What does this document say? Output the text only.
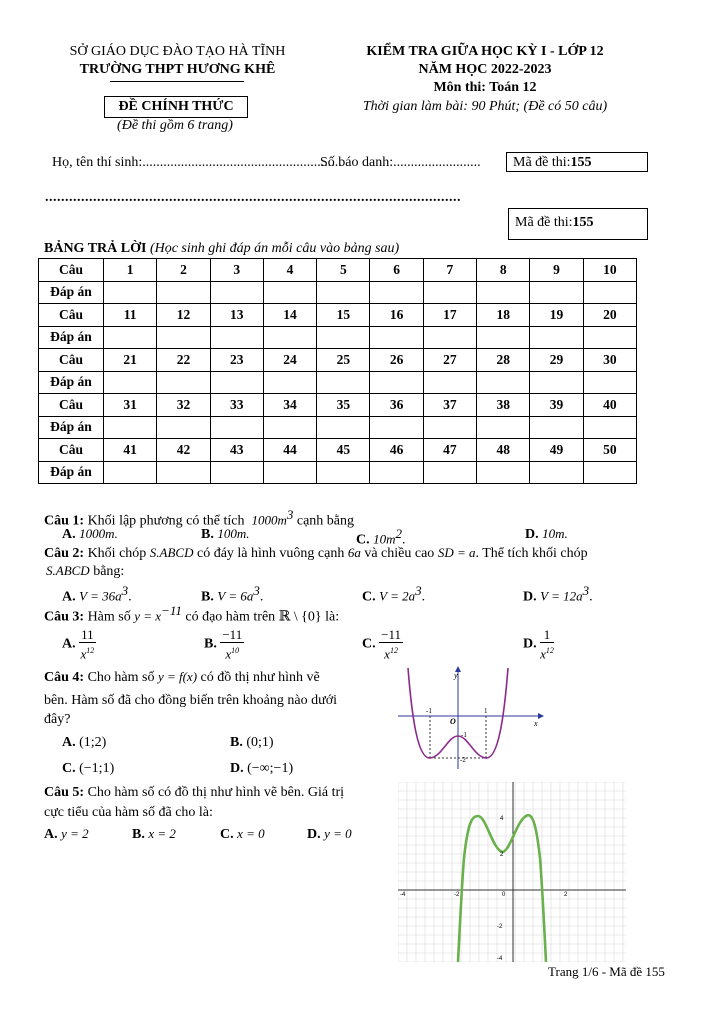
SỞ GIÁO DỤC ĐÀO TẠO HÀ TĨNH
TRƯỜNG THPT HƯƠNG KHÊ
ĐỀ CHÍNH THỨC
(Đề thi gồm 6 trang)
KIỂM TRA GIỮA HỌC KỲ I - LỚP 12
NĂM HỌC 2022-2023
Môn thi: Toán 12
Thời gian làm bài: 90 Phút; (Đề có 50 câu)
Họ, tên thí sinh:.........................................................
Số báo danh:.........................	Mã đề thi:155
........................................................................................................
Mã đề thi:155
BẢNG TRẢ LỜI (Học sinh ghi đáp án mỗi câu vào bảng sau)
Câu	1	2	3	4	5	6	7	8	9	10
Đáp án										
Câu	11	12	13	14	15	16	17	18	19	20
Đáp án										
Câu	21	22	23	24	25	26	27	28	29	30
Đáp án										
Câu	31	32	33	34	35	36	37	38	39	40
Đáp án										
Câu	41	42	43	44	45	46	47	48	49	50
Đáp án										
Câu 1: Khối lập phương có thể tích $1000m^3$ cạnh bằng
A. 1000m.	B. 100m.	C. $10m^2$.	D. 10m.
Câu 2: Khối chóp S.ABCD có đáy là hình vuông cạnh 6a và chiều cao SD = a. Thể tích khối chóp
S.ABCD bằng:
A. $V = 36a^3$.	B. $V = 6a^3$.	C. $V = 2a^3$.	D. $V = 12a^3$.
Câu 3: Hàm số $y = x^{-11}$ có đạo hàm trên ℝ \ {0} là:
A. $\frac{11}{x^{12}}$	B. $\frac{-11}{x^{10}}$	C. $\frac{-11}{x^{12}}$	D. $\frac{1}{x^{12}}$
Câu 4: Cho hàm số y = f(x) có đồ thị như hình vẽ
bên. Hàm số đã cho đồng biến trên khoảng nào dưới
đây?
A. (1;2)	B. (0;1)
C. (−1;1)	D. (−∞;−1)
y
x
O
-1	1
-1
-2
Câu 5: Cho hàm số có đồ thị như hình vẽ bên. Giá trị
cực tiểu của hàm số đã cho là:
A. y = 2	B. x = 2	C. x = 0	D. y = 0
-4	-2	0	2
4
2
-2
-4
Trang 1/6 - Mã đề 155
